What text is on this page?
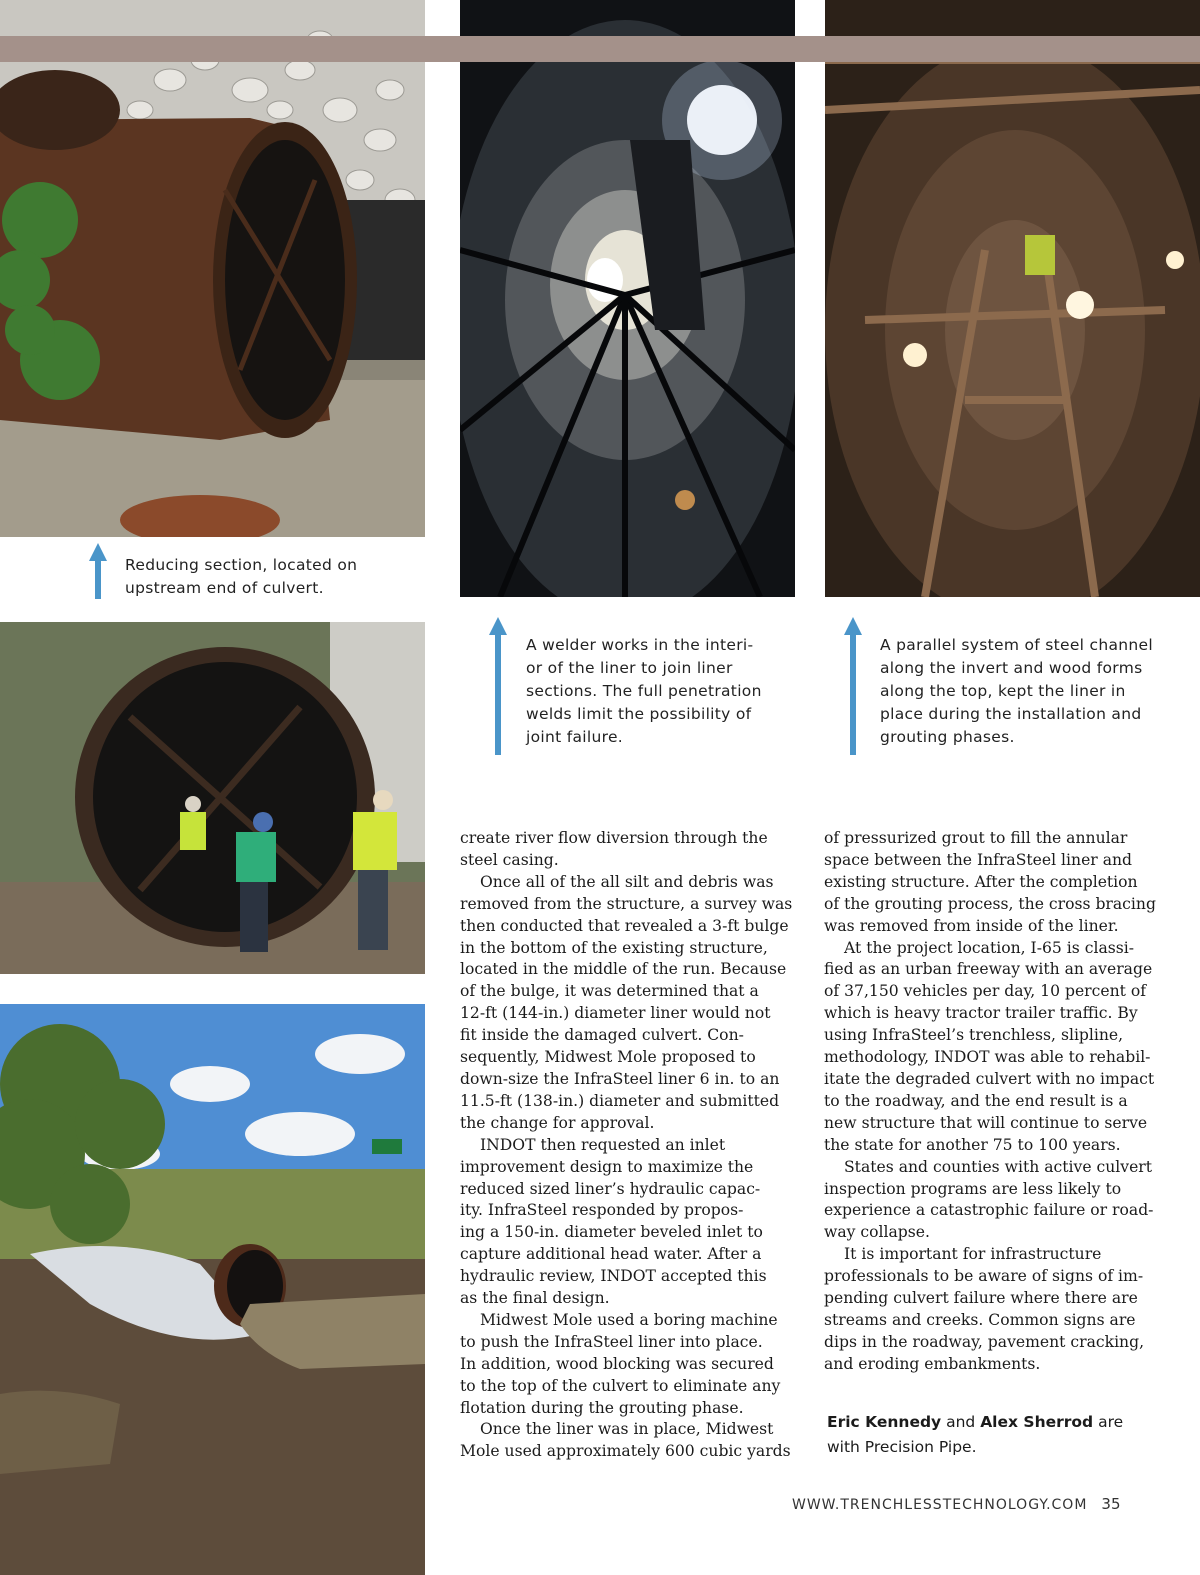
Reducing section, located on

upstream end of culvert.

A welder works in the interi-

or of the liner to join liner

sections. The full penetration

welds limit the possibility of

joint failure.

A parallel system of steel channel

along the invert and wood forms

along the top, kept the liner in

place during the installation and

grouting phases.

create river flow diversion through the

steel casing.

Once all of the all silt and debris was

removed from the structure, a survey was

then conducted that revealed a 3-ft bulge

in the bottom of the existing structure,

located in the middle of the run. Because

of the bulge, it was determined that a

12-ft (144-in.) diameter liner would not

fit inside the damaged culvert. Con-

sequently, Midwest Mole proposed to

down-size the InfraSteel liner 6 in. to an

11.5-ft (138-in.) diameter and submitted

the change for approval.

INDOT then requested an inlet

improvement design to maximize the

reduced sized liner’s hydraulic capac-

ity. InfraSteel responded by propos-

ing a 150-in. diameter beveled inlet to

capture additional head water. After a

hydraulic review, INDOT accepted this

as the final design.

Midwest Mole used a boring machine

to push the InfraSteel liner into place.

In addition, wood blocking was secured

to the top of the culvert to eliminate any

flotation during the grouting phase.

Once the liner was in place, Midwest

Mole used approximately 600 cubic yards

of pressurized grout to fill the annular

space between the InfraSteel liner and

existing structure. After the completion

of the grouting process, the cross bracing

was removed from inside of the liner.

At the project location, I-65 is classi-

fied as an urban freeway with an average

of 37,150 vehicles per day, 10 percent of

which is heavy tractor trailer traffic. By

using InfraSteel’s trenchless, slipline,

methodology, INDOT was able to rehabil-

itate the degraded culvert with no impact

to the roadway, and the end result is a

new structure that will continue to serve

the state for another 75 to 100 years.

States and counties with active culvert

inspection programs are less likely to

experience a catastrophic failure or road-

way collapse.

It is important for infrastructure

professionals to be aware of signs of im-

pending culvert failure where there are

streams and creeks. Common signs are

dips in the roadway, pavement cracking,

and eroding embankments.

Eric Kennedy and Alex Sherrod are
with Precision Pipe.
WWW.TRENCHLESSTECHNOLOGY.COM 35
